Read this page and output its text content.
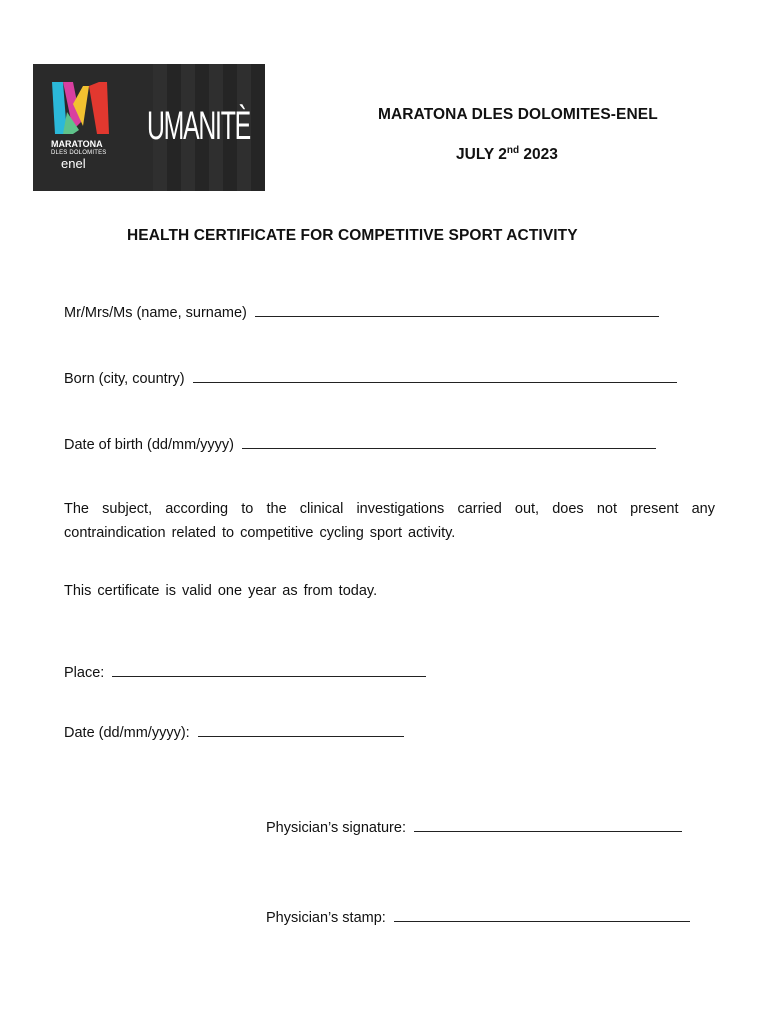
MARATONA
DLES DOLOMITES
enel
UMANITÈ	MARATONA DLES DOLOMITES-ENEL
JULY 2nd 2023
HEALTH CERTIFICATE FOR COMPETITIVE SPORT ACTIVITY
Mr/Mrs/Ms (name, surname)
Born (city, country)
Date of birth (dd/mm/yyyy)
The subject, according to the clinical investigations carried out, does not present any contraindication related to competitive cycling sport activity.
This certificate is valid one year as from today.
Place:
Date (dd/mm/yyyy):
Physician’s signature:
Physician’s stamp:
